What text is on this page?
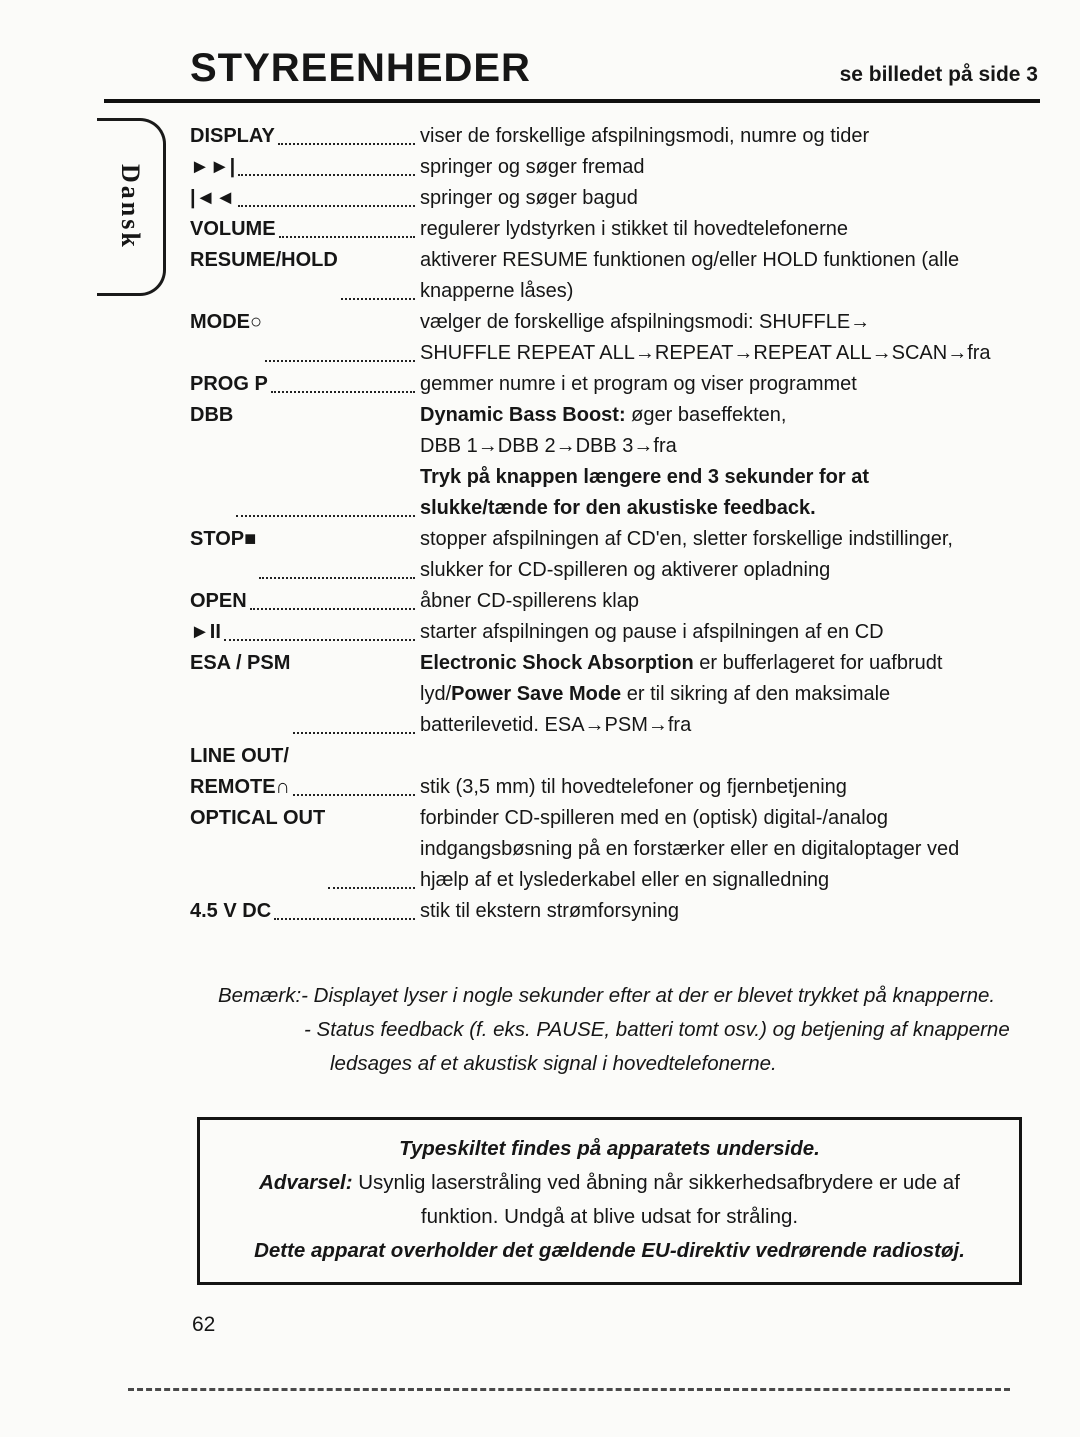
STYREENHEDER	se billedet på side 3
Dansk
DISPLAY	viser de forskellige afspilningsmodi, numre og tider
►►|	springer og søger fremad
|◄◄	springer og søger bagud
VOLUME	regulerer lydstyrken i stikket til hovedtelefonerne
RESUME/HOLD	aktiverer RESUME funktionen og/eller HOLD funktionen (alle
knapperne låses)
MODE ○	vælger de forskellige afspilningsmodi: SHUFFLE→
SHUFFLE REPEAT ALL→REPEAT→REPEAT ALL→SCAN→fra
PROG P	gemmer numre i et program og viser programmet
DBB	Dynamic Bass Boost: øger baseffekten,
DBB 1→DBB 2→DBB 3→fra
Tryk på knappen længere end 3 sekunder for at
slukke/tænde for den akustiske feedback.
STOP ■	stopper afspilningen af CD'en, sletter forskellige indstillinger,
slukker for CD-spilleren og aktiverer opladning
OPEN	åbner CD-spillerens klap
►II	starter afspilningen og pause i afspilningen af en CD
ESA / PSM	Electronic Shock Absorption er bufferlageret for uafbrudt
lyd/Power Save Mode er til sikring af den maksimale
batterilevetid. ESA→PSM→fra
LINE OUT/
REMOTE ∩	stik (3,5 mm) til hovedtelefoner og fjernbetjening
OPTICAL OUT	forbinder CD-spilleren med en (optisk) digital-/analog
indgangsbøsning på en forstærker eller en digitaloptager ved
hjælp af et lyslederkabel eller en signalledning
4.5 V DC	stik til ekstern strømforsyning
Bemærk:- Displayet lyser i nogle sekunder efter at der er blevet trykket på knapperne.
- Status feedback (f. eks. PAUSE, batteri tomt osv.) og betjening af knapperne
ledsages af et akustisk signal i hovedtelefonerne.
Typeskiltet findes på apparatets underside.
Advarsel: Usynlig laserstråling ved åbning når sikkerhedsafbrydere er ude af
funktion. Undgå at blive udsat for stråling.
Dette apparat overholder det gældende EU-direktiv vedrørende radiostøj.
62
